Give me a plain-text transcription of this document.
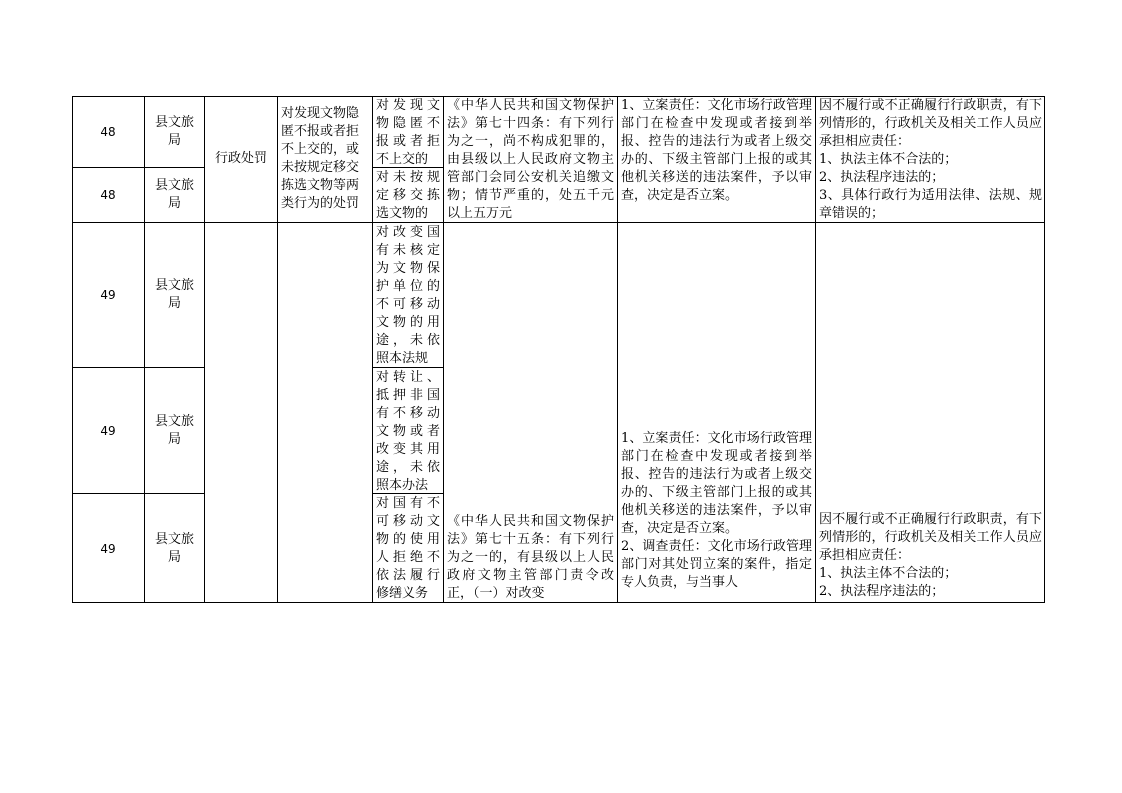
48
县文旅局
48
县文旅局
行政处罚
对发现文物隐匿不报或者拒不上交的，或未按规定移交拣选文物等两类行为的处罚
对发现文物隐匿不报或者拒不上交的
对未按规定移交拣选文物的
《中华人民共和国文物保护法》第七十四条：有下列行为之一，尚不构成犯罪的，由县级以上人民政府文物主管部门会同公安机关追缴文物；情节严重的，处五千元以上五万元
1、立案责任：文化市场行政管理部门在检查中发现或者接到举报、控告的违法行为或者上级交办的、下级主管部门上报的或其他机关移送的违法案件，予以审查，决定是否立案。
因不履行或不正确履行行政职责，有下列情形的，行政机关及相关工作人员应承担相应责任：
1、执法主体不合法的；
2、执法程序违法的；
3、具体行政行为适用法律、法规、规章错误的；
49
县文旅局
对改变国有未核定为文物保护单位的不可移动文物的用途，未依照本法规
49
县文旅局
对转让、抵押非国有不移动文物或者改变其用途，未依照本办法
49
县文旅局
对国有不可移动文物的使用人拒绝不依法履行修缮义务
《中华人民共和国文物保护法》第七十五条：有下列行为之一的，有县级以上人民政府文物主管部门责令改正，（一）对改变
1、立案责任：文化市场行政管理部门在检查中发现或者接到举报、控告的违法行为或者上级交办的、下级主管部门上报的或其他机关移送的违法案件，予以审查，决定是否立案。
2、调查责任：文化市场行政管理部门对其处罚立案的案件，指定专人负责，与当事人
因不履行或不正确履行行政职责，有下列情形的，行政机关及相关工作人员应承担相应责任：
1、执法主体不合法的；
2、执法程序违法的；
